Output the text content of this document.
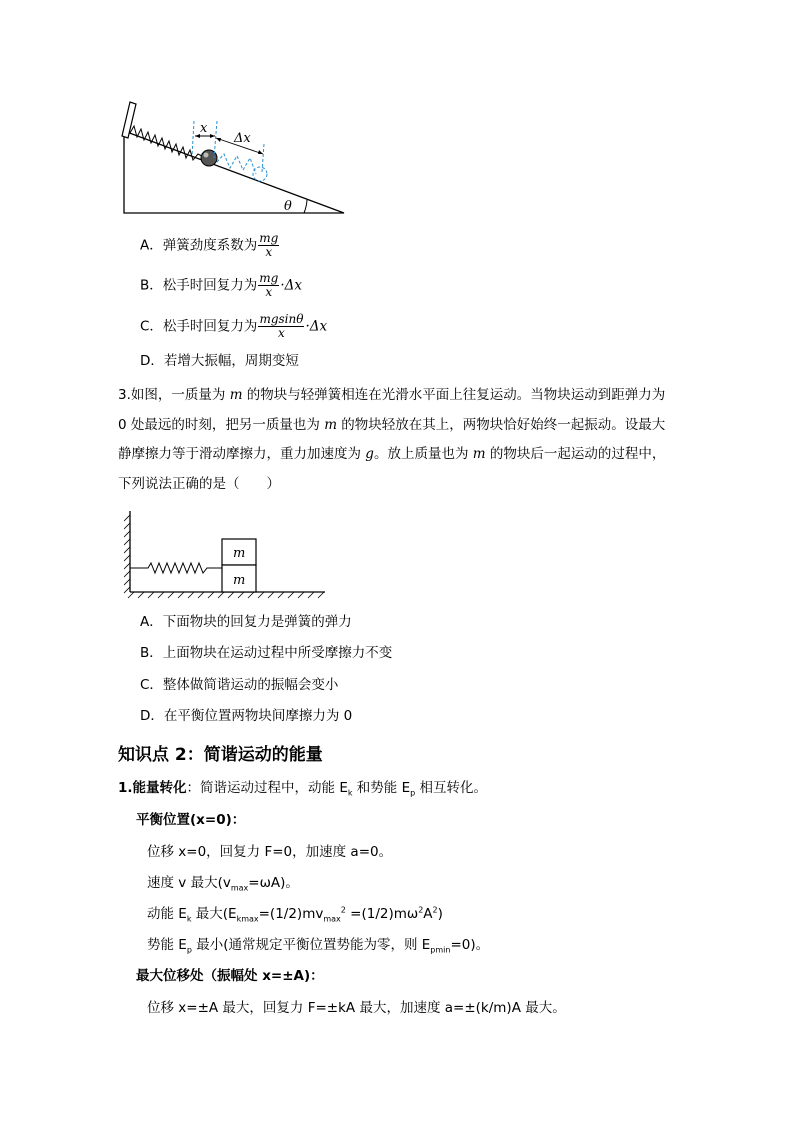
x
Δx
θ
A．弹簧劲度系数为 $\frac{mg}{x}$
B．松手时回复力为 $\frac{mg}{x} \cdot\Delta x$
C．松手时回复力为 $\frac{mgsin\theta}{x} \cdot\Delta x$
D．若增大振幅，周期变短
3.如图，一质量为 m 的物块与轻弹簧相连在光滑水平面上往复运动。当物块运动到距弹力为
0 处最远的时刻，把另一质量也为 m 的物块轻放在其上，两物块恰好始终一起振动。设最大
静摩擦力等于滑动摩擦力，重力加速度为 g。放上质量也为 m 的物块后一起运动的过程中，
下列说法正确的是（　　）
m
m
A．下面物块的回复力是弹簧的弹力
B．上面物块在运动过程中所受摩擦力不变
C．整体做简谐运动的振幅会变小
D．在平衡位置两物块间摩擦力为 0
知识点 2：简谐运动的能量
1.能量转化：简谐运动过程中，动能 $E_k$ 和势能 $E_p$ 相互转化。
平衡位置(x=0)：
位移 x=0，回复力 F=0，加速度 a=0。
速度 v 最大$(v_{max}=\omega A)$。
动能 $E_k$ 最大$(E_{kmax}=(1/2)mv_{max}^2 =(1/2)m\omega^2A^2)$
势能 $E_p$ 最小(通常规定平衡位置势能为零，则 $E_{pmin}=0$)。
最大位移处（振幅处 x=±A)：
位移 x=±A 最大，回复力 F=±kA 最大，加速度 a=±(k/m)A 最大。
